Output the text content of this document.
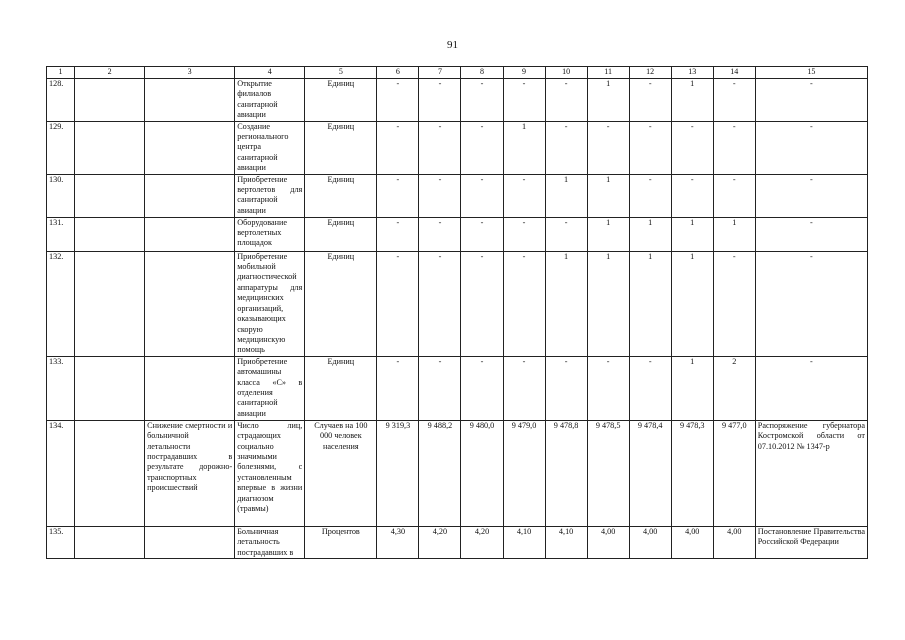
91
1	2	3	4	5	6	7	8	9	10	11	12	13	14	15
128.			Открытие филиалов санитарной авиации	Единиц	-	-	-	-	-	1	-	1	-	-
129.			Создание регионального центра санитарной авиации	Единиц	-	-	-	1	-	-	-	-	-	-
130.			Приобретение вертолетов для санитарной авиации	Единиц	-	-	-	-	1	1	-	-	-	-
131.			Оборудование вертолетных площадок	Единиц	-	-	-	-	-	1	1	1	1	-
132.			Приобретение мобильной диагностической аппаратуры для медицинских организаций, оказывающих скорую медицинскую помощь	Единиц	-	-	-	-	1	1	1	1	-	-
133.			Приобретение автомашины класса «С» в отделения санитарной авиации	Единиц	-	-	-	-	-	-	-	1	2	-
134.		Снижение смертности и больничной летальности пострадавших в результате дорожно-транспортных происшествий	Число лиц, страдающих социально значимыми болезнями, с установленным впервые в жизни диагнозом (травмы)	Случаев на 100 000 человек населения	9 319,3	9 488,2	9 480,0	9 479,0	9 478,8	9 478,5	9 478,4	9 478,3	9 477,0	Распоряжение губернатора Костромской области от 07.10.2012 № 1347-р
135.			Больничная летальность пострадавших в	Процентов	4,30	4,20	4,20	4,10	4,10	4,00	4,00	4,00	4,00	Постановление Правительства Российской Федерации
